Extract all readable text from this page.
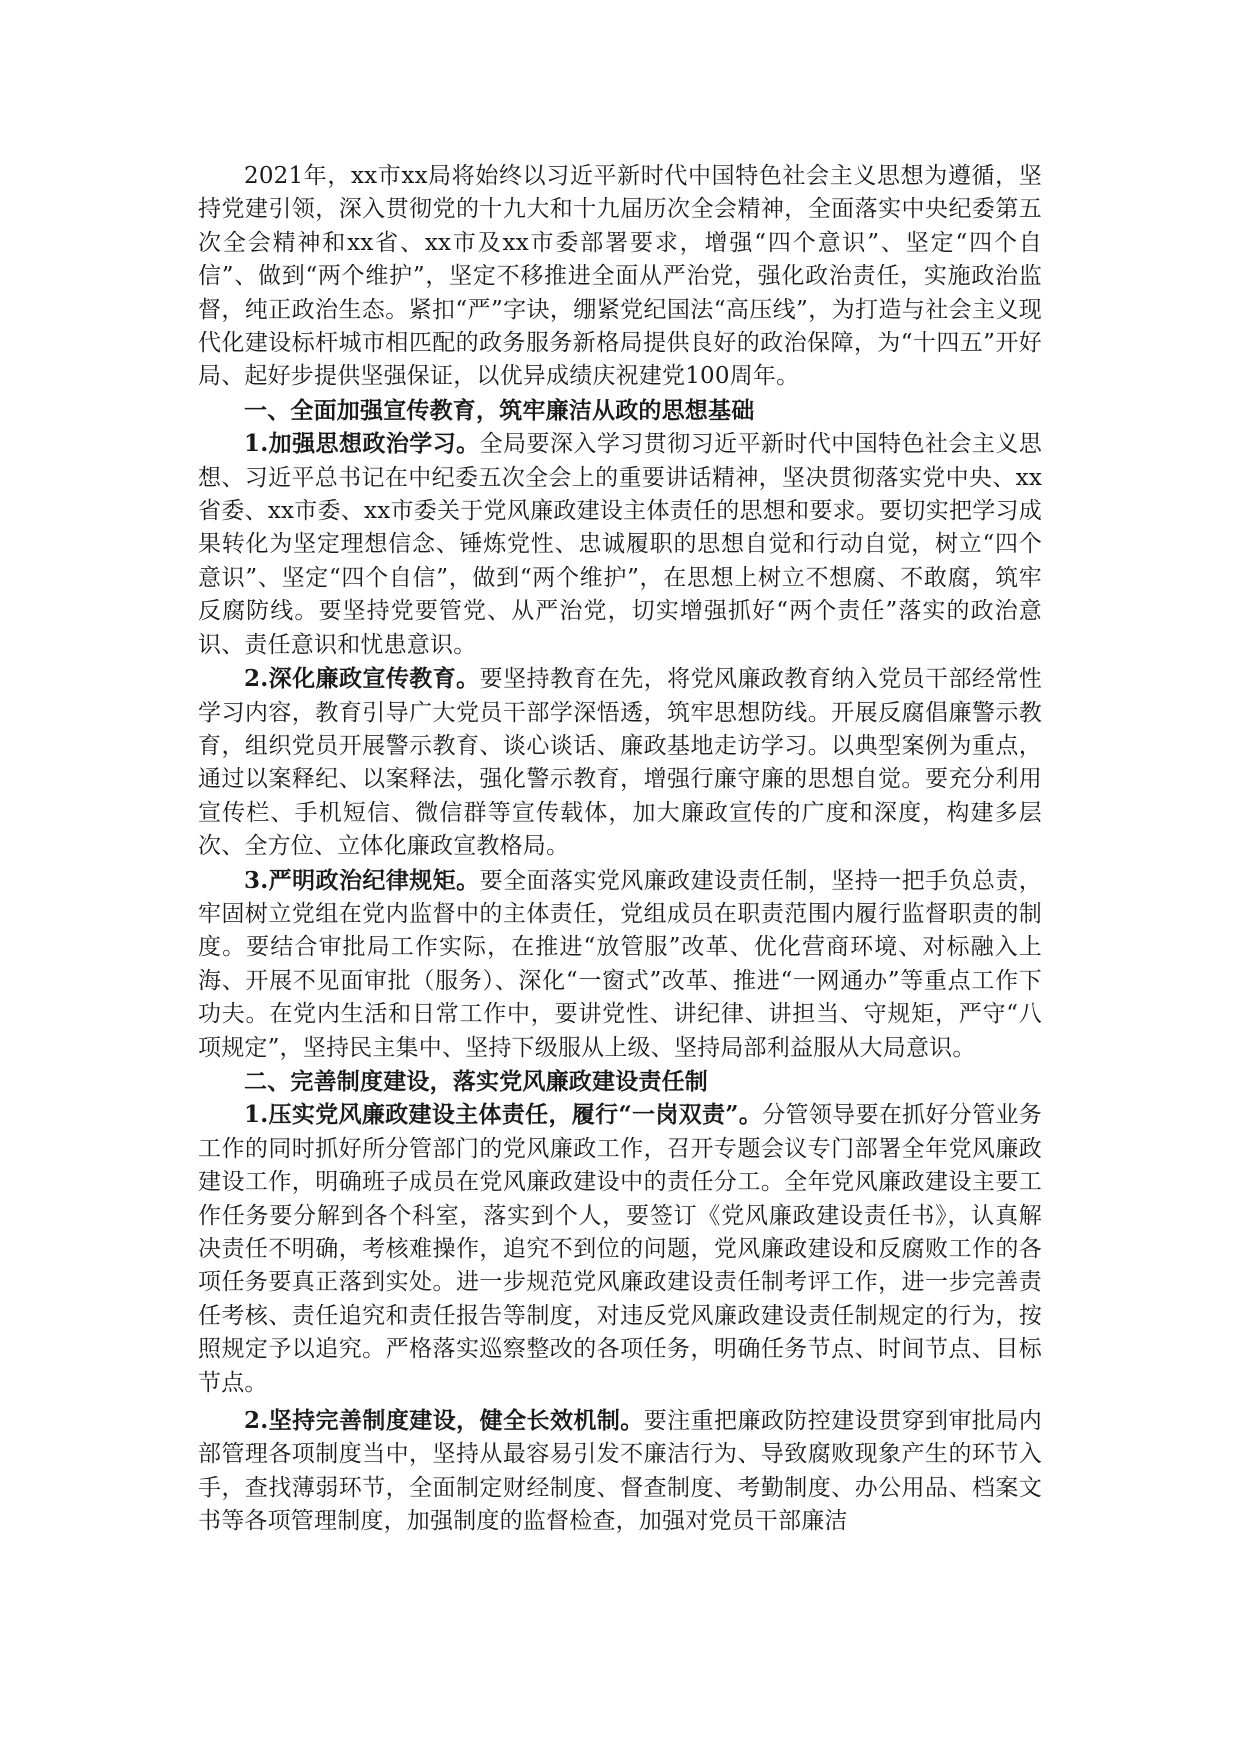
2021年，xx市xx局将始终以习近平新时代中国特色社会主义思想为遵循，坚持党建引领，深入贯彻党的十九大和十九届历次全会精神，全面落实中央纪委第五次全会精神和xx省、xx市及xx市委部署要求，增强“四个意识”、坚定“四个自信”、做到“两个维护”，坚定不移推进全面从严治党，强化政治责任，实施政治监督，纯正政治生态。紧扣“严”字诀，绷紧党纪国法“高压线”，为打造与社会主义现代化建设标杆城市相匹配的政务服务新格局提供良好的政治保障，为“十四五”开好局、起好步提供坚强保证，以优异成绩庆祝建党100周年。

一、全面加强宣传教育，筑牢廉洁从政的思想基础

1.加强思想政治学习。全局要深入学习贯彻习近平新时代中国特色社会主义思想、习近平总书记在中纪委五次全会上的重要讲话精神，坚决贯彻落实党中央、xx省委、xx市委、xx市委关于党风廉政建设主体责任的思想和要求。要切实把学习成果转化为坚定理想信念、锤炼党性、忠诚履职的思想自觉和行动自觉，树立“四个意识”、坚定“四个自信”，做到“两个维护”，在思想上树立不想腐、不敢腐，筑牢反腐防线。要坚持党要管党、从严治党，切实增强抓好“两个责任”落实的政治意识、责任意识和忧患意识。

2.深化廉政宣传教育。要坚持教育在先，将党风廉政教育纳入党员干部经常性学习内容，教育引导广大党员干部学深悟透，筑牢思想防线。开展反腐倡廉警示教育，组织党员开展警示教育、谈心谈话、廉政基地走访学习。以典型案例为重点，通过以案释纪、以案释法，强化警示教育，增强行廉守廉的思想自觉。要充分利用宣传栏、手机短信、微信群等宣传载体，加大廉政宣传的广度和深度，构建多层次、全方位、立体化廉政宣教格局。

3.严明政治纪律规矩。要全面落实党风廉政建设责任制，坚持一把手负总责，牢固树立党组在党内监督中的主体责任，党组成员在职责范围内履行监督职责的制度。要结合审批局工作实际，在推进“放管服”改革、优化营商环境、对标融入上海、开展不见面审批（服务）、深化“一窗式”改革、推进“一网通办”等重点工作下功夫。在党内生活和日常工作中，要讲党性、讲纪律、讲担当、守规矩，严守“八项规定”，坚持民主集中、坚持下级服从上级、坚持局部利益服从大局意识。

二、完善制度建设，落实党风廉政建设责任制

1.压实党风廉政建设主体责任，履行“一岗双责”。分管领导要在抓好分管业务工作的同时抓好所分管部门的党风廉政工作，召开专题会议专门部署全年党风廉政建设工作，明确班子成员在党风廉政建设中的责任分工。全年党风廉政建设主要工作任务要分解到各个科室，落实到个人，要签订《党风廉政建设责任书》，认真解决责任不明确，考核难操作，追究不到位的问题，党风廉政建设和反腐败工作的各项任务要真正落到实处。进一步规范党风廉政建设责任制考评工作，进一步完善责任考核、责任追究和责任报告等制度，对违反党风廉政建设责任制规定的行为，按照规定予以追究。严格落实巡察整改的各项任务，明确任务节点、时间节点、目标节点。

2.坚持完善制度建设，健全长效机制。要注重把廉政防控建设贯穿到审批局内部管理各项制度当中，坚持从最容易引发不廉洁行为、导致腐败现象产生的环节入手，查找薄弱环节，全面制定财经制度、督查制度、考勤制度、办公用品、档案文书等各项管理制度，加强制度的监督检查，加强对党员干部廉洁
